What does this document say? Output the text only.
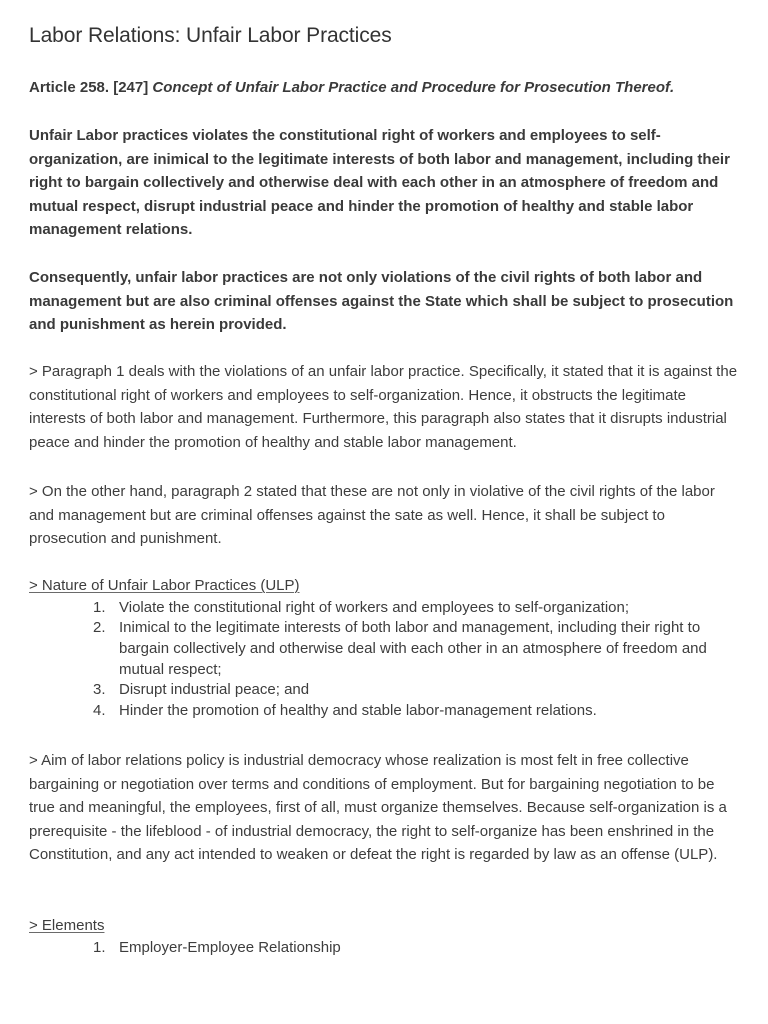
Labor Relations: Unfair Labor Practices
Article 258. [247] Concept of Unfair Labor Practice and Procedure for Prosecution Thereof.

Unfair Labor practices violates the constitutional right of workers and employees to self-organization, are inimical to the legitimate interests of both labor and management, including their right to bargain collectively and otherwise deal with each other in an atmosphere of freedom and mutual respect, disrupt industrial peace and hinder the promotion of healthy and stable labor management relations.

Consequently, unfair labor practices are not only violations of the civil rights of both labor and management but are also criminal offenses against the State which shall be subject to prosecution and punishment as herein provided.

> Paragraph 1 deals with the violations of an unfair labor practice. Specifically, it stated that it is against the constitutional right of workers and employees to self-organization. Hence, it obstructs the legitimate interests of both labor and management. Furthermore, this paragraph also states that it disrupts industrial peace and hinder the promotion of healthy and stable labor management.

> On the other hand, paragraph 2 stated that these are not only in violative of the civil rights of the labor and management but are criminal offenses against the sate as well. Hence, it shall be subject to prosecution and punishment.

> Nature of Unfair Labor Practices (ULP)
1. Violate the constitutional right of workers and employees to self-organization;
2. Inimical to the legitimate interests of both labor and management, including their right to bargain collectively and otherwise deal with each other in an atmosphere of freedom and mutual respect;
3. Disrupt industrial peace; and
4. Hinder the promotion of healthy and stable labor-management relations.

> Aim of labor relations policy is industrial democracy whose realization is most felt in free collective bargaining or negotiation over terms and conditions of employment. But for bargaining negotiation to be true and meaningful, the employees, first of all, must organize themselves. Because self-organization is a prerequisite - the lifeblood - of industrial democracy, the right to self-organize has been enshrined in the Constitution, and any act intended to weaken or defeat the right is regarded by law as an offense (ULP).

> Elements
1. Employer-Employee Relationship
